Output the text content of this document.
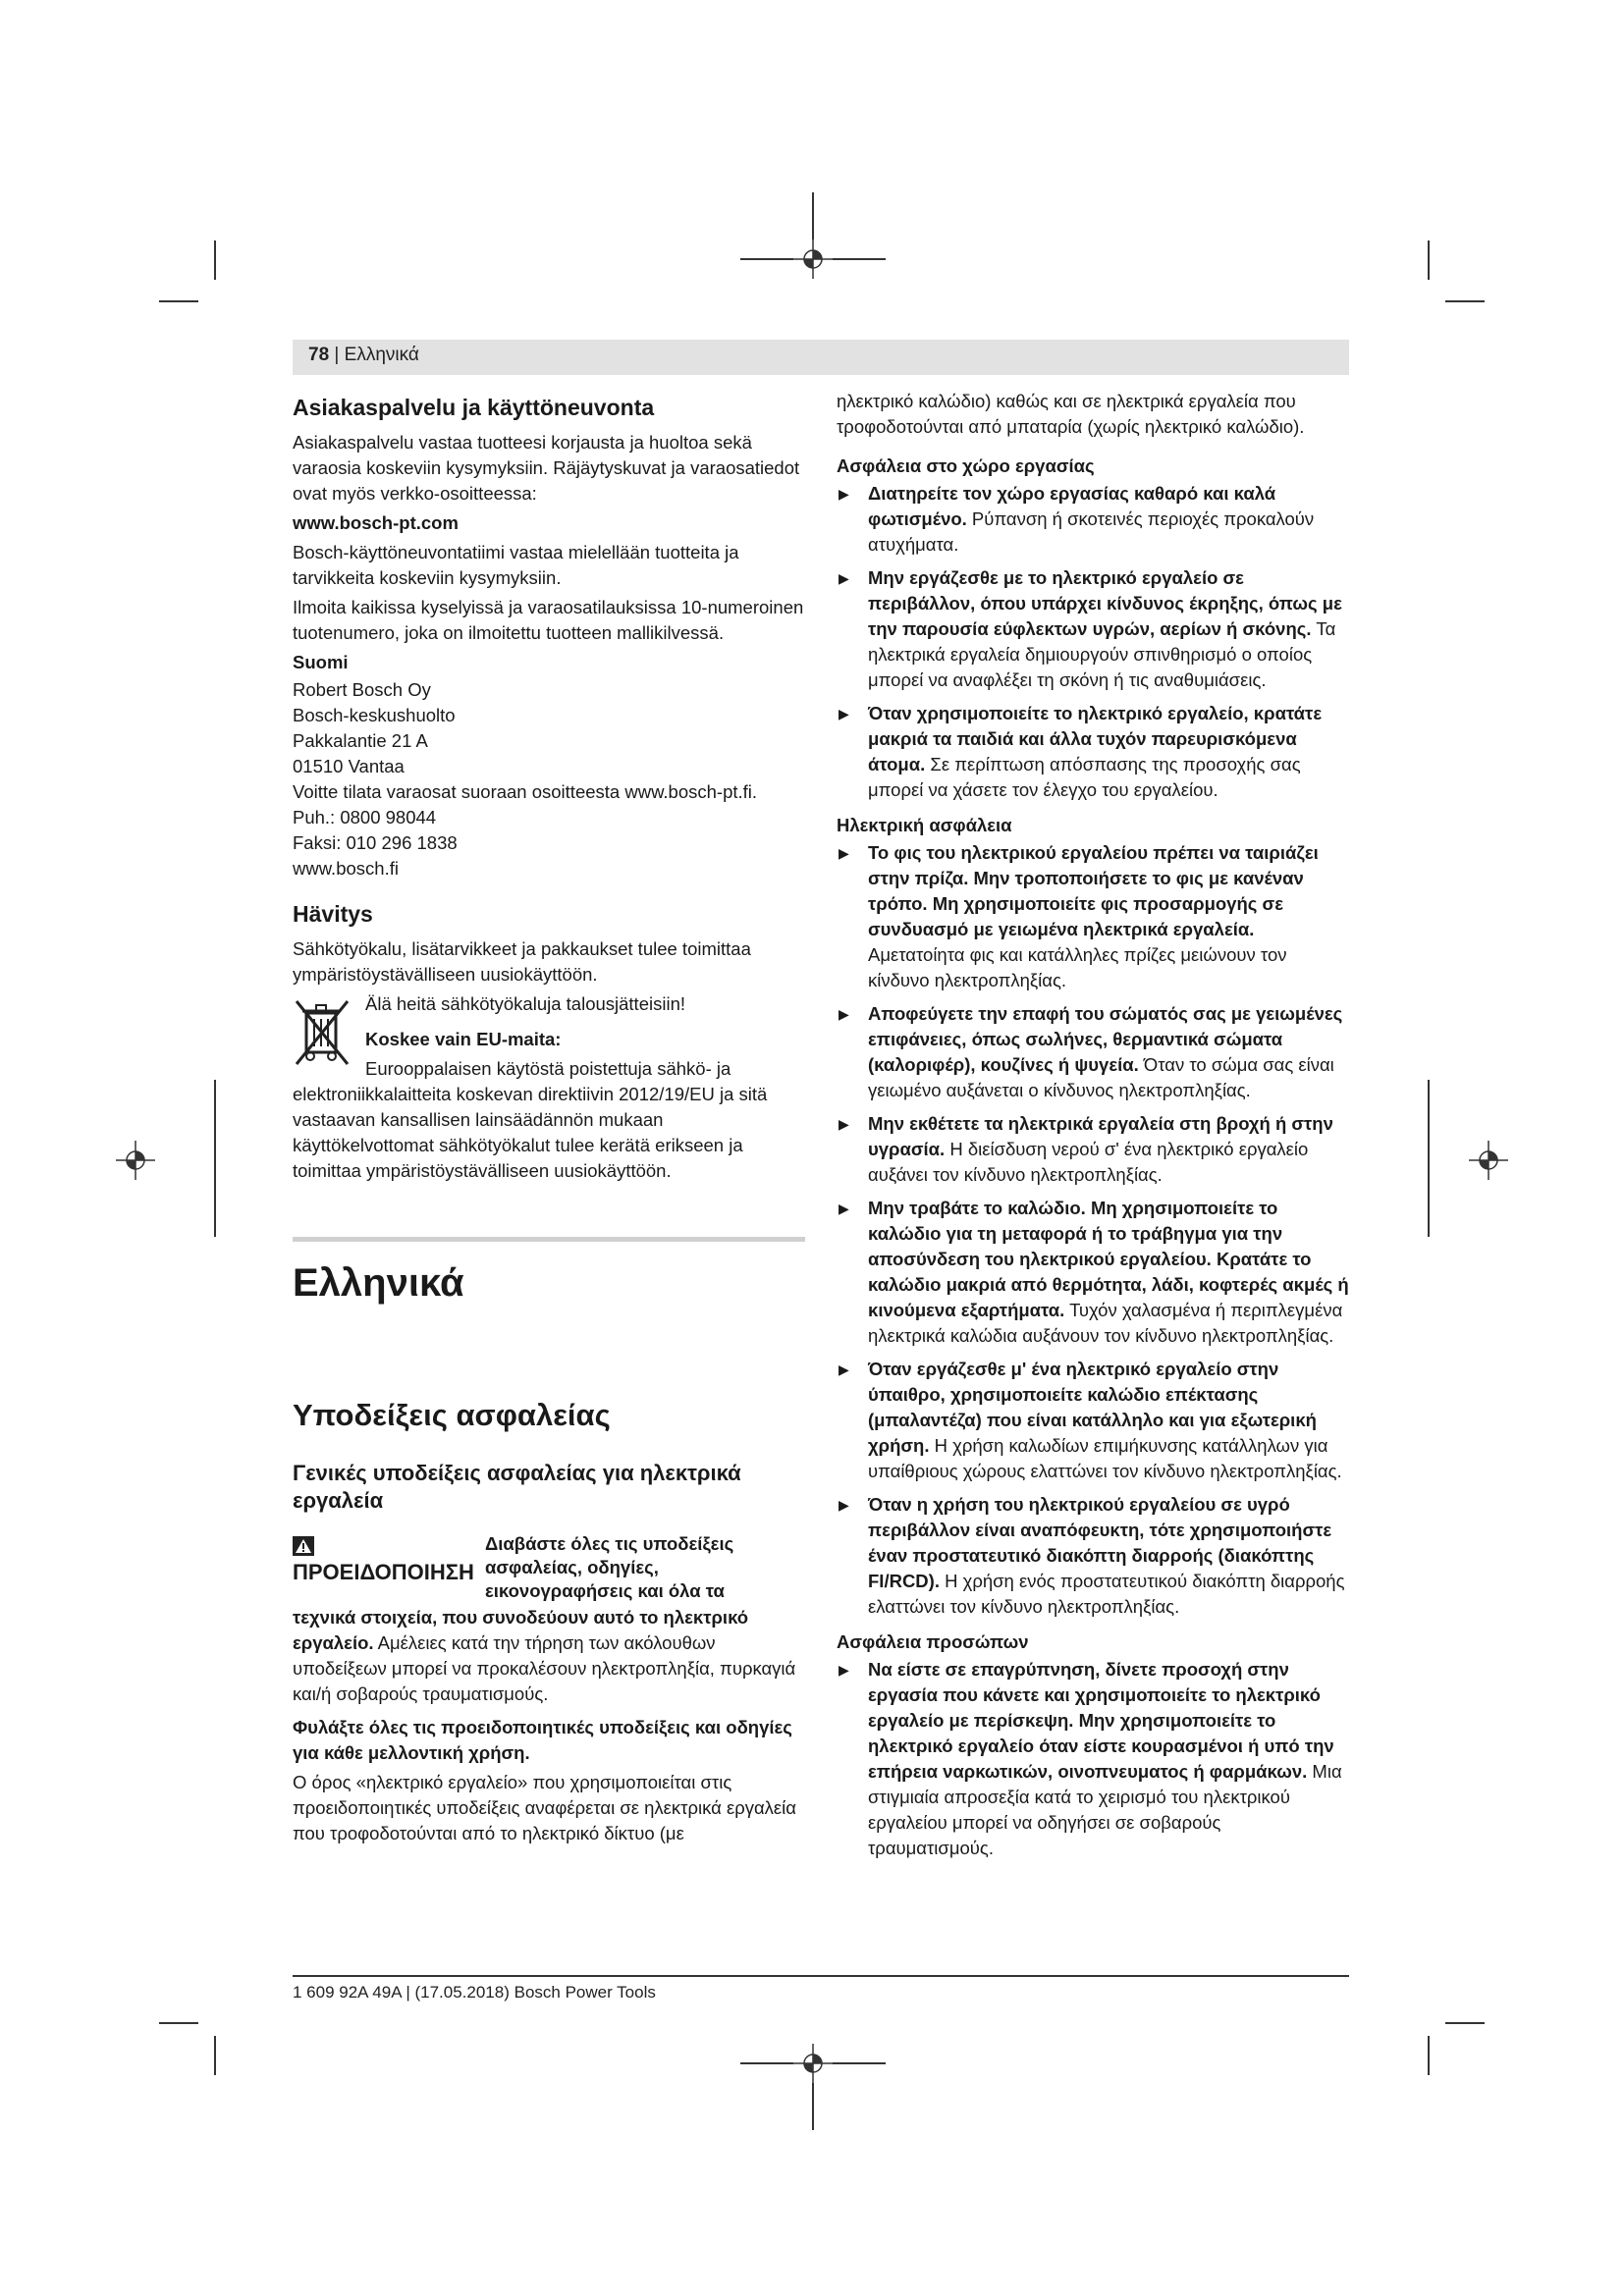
78 | Ελληνικά
Asiakaspalvelu ja käyttöneuvonta

Asiakaspalvelu vastaa tuotteesi korjausta ja huoltoa sekä varaosia koskeviin kysymyksiin. Räjäytyskuvat ja varaosatiedot ovat myös verkko-osoitteessa:

www.bosch-pt.com

Bosch-käyttöneuvontatiimi vastaa mielellään tuotteita ja tarvikkeita koskeviin kysymyksiin.

Ilmoita kaikissa kyselyissä ja varaosatilauksissa 10-numeroinen tuotenumero, joka on ilmoitettu tuotteen mallikilvessä.

Suomi

Robert Bosch Oy

Bosch-keskushuolto

Pakkalantie 21 A

01510 Vantaa

Voitte tilata varaosat suoraan osoitteesta www.bosch-pt.fi.

Puh.: 0800 98044

Faksi: 010 296 1838

www.bosch.fi

Hävitys

Sähkötyökalu, lisätarvikkeet ja pakkaukset tulee toimittaa ympäristöystävälliseen uusiokäyttöön.

Älä heitä sähkötyökaluja talousjätteisiin!

Koskee vain EU-maita:

Eurooppalaisen käytöstä poistettuja sähkö- ja

elektroniikkalaitteita koskevan direktiivin 2012/19/EU ja sitä vastaavan kansallisen lainsäädännön mukaan käyttökelvottomat sähkötyökalut tulee kerätä erikseen ja toimittaa ympäristöystävälliseen uusiokäyttöön.

Ελληνικά
Υποδείξεις ασφαλείας
Γενικές υποδείξεις ασφαλείας για ηλεκτρικά εργαλεία
ΠΡΟΕΙΔΟΠΟΙΗΣΗ
Διαβάστε όλες τις υποδείξεις ασφαλείας, οδηγίες, εικονογραφήσεις και όλα τα

τεχνικά στοιχεία, που συνοδεύουν αυτό το ηλεκτρικό εργαλείο. Αμέλειες κατά την τήρηση των ακόλουθων υποδείξεων μπορεί να προκαλέσουν ηλεκτροπληξία, πυρκαγιά και/ή σοβαρούς τραυματισμούς.

Φυλάξτε όλες τις προειδοποιητικές υποδείξεις και οδηγίες για κάθε μελλοντική χρήση.

Ο όρος «ηλεκτρικό εργαλείο» που χρησιμοποιείται στις προειδοποιητικές υποδείξεις αναφέρεται σε ηλεκτρικά εργαλεία που τροφοδοτούνται από το ηλεκτρικό δίκτυο (με

ηλεκτρικό καλώδιο) καθώς και σε ηλεκτρικά εργαλεία που τροφοδοτούνται από μπαταρία (χωρίς ηλεκτρικό καλώδιο).

Ασφάλεια στο χώρο εργασίας
▶ Διατηρείτε τον χώρο εργασίας καθαρό και καλά φωτισμένο. Ρύπανση ή σκοτεινές περιοχές προκαλούν ατυχήματα.
▶ Μην εργάζεσθε με το ηλεκτρικό εργαλείο σε περιβάλλον, όπου υπάρχει κίνδυνος έκρηξης, όπως με την παρουσία εύφλεκτων υγρών, αερίων ή σκόνης. Τα ηλεκτρικά εργαλεία δημιουργούν σπινθηρισμό ο οποίος μπορεί να αναφλέξει τη σκόνη ή τις αναθυμιάσεις.
▶ Όταν χρησιμοποιείτε το ηλεκτρικό εργαλείο, κρατάτε μακριά τα παιδιά και άλλα τυχόν παρευρισκόμενα άτομα. Σε περίπτωση απόσπασης της προσοχής σας μπορεί να χάσετε τον έλεγχο του εργαλείου.
Ηλεκτρική ασφάλεια
▶ Το φις του ηλεκτρικού εργαλείου πρέπει να ταιριάζει στην πρίζα. Μην τροποποιήσετε το φις με κανέναν τρόπο. Μη χρησιμοποιείτε φις προσαρμογής σε συνδυασμό με γειωμένα ηλεκτρικά εργαλεία. Αμετατοίητα φις και κατάλληλες πρίζες μειώνουν τον κίνδυνο ηλεκτροπληξίας.
▶ Αποφεύγετε την επαφή του σώματός σας με γειωμένες επιφάνειες, όπως σωλήνες, θερμαντικά σώματα (καλοριφέρ), κουζίνες ή ψυγεία. Όταν το σώμα σας είναι γειωμένο αυξάνεται ο κίνδυνος ηλεκτροπληξίας.
▶ Μην εκθέτετε τα ηλεκτρικά εργαλεία στη βροχή ή στην υγρασία. Η διείσδυση νερού σ' ένα ηλεκτρικό εργαλείο αυξάνει τον κίνδυνο ηλεκτροπληξίας.
▶ Μην τραβάτε το καλώδιο. Μη χρησιμοποιείτε το καλώδιο για τη μεταφορά ή το τράβηγμα για την αποσύνδεση του ηλεκτρικού εργαλείου. Κρατάτε το καλώδιο μακριά από θερμότητα, λάδι, κοφτερές ακμές ή κινούμενα εξαρτήματα. Τυχόν χαλασμένα ή περιπλεγμένα ηλεκτρικά καλώδια αυξάνουν τον κίνδυνο ηλεκτροπληξίας.
▶ Όταν εργάζεσθε μ' ένα ηλεκτρικό εργαλείο στην ύπαιθρο, χρησιμοποιείτε καλώδιο επέκτασης (μπαλαντέζα) που είναι κατάλληλο και για εξωτερική χρήση. Η χρήση καλωδίων επιμήκυνσης κατάλληλων για υπαίθριους χώρους ελαττώνει τον κίνδυνο ηλεκτροπληξίας.
▶ Όταν η χρήση του ηλεκτρικού εργαλείου σε υγρό περιβάλλον είναι αναπόφευκτη, τότε χρησιμοποιήστε έναν προστατευτικό διακόπτη διαρροής (διακόπτης FI/RCD). Η χρήση ενός προστατευτικού διακόπτη διαρροής ελαττώνει τον κίνδυνο ηλεκτροπληξίας.
Ασφάλεια προσώπων
▶ Να είστε σε επαγρύπνηση, δίνετε προσοχή στην εργασία που κάνετε και χρησιμοποιείτε το ηλεκτρικό εργαλείο με περίσκεψη. Μην χρησιμοποιείτε το ηλεκτρικό εργαλείο όταν είστε κουρασμένοι ή υπό την επήρεια ναρκωτικών, οινοπνευματος ή φαρμάκων. Μια στιγμιαία απροσεξία κατά το χειρισμό του ηλεκτρικού εργαλείου μπορεί να οδηγήσει σε σοβαρούς τραυματισμούς.
1 609 92A 49A | (17.05.2018) Bosch Power Tools
